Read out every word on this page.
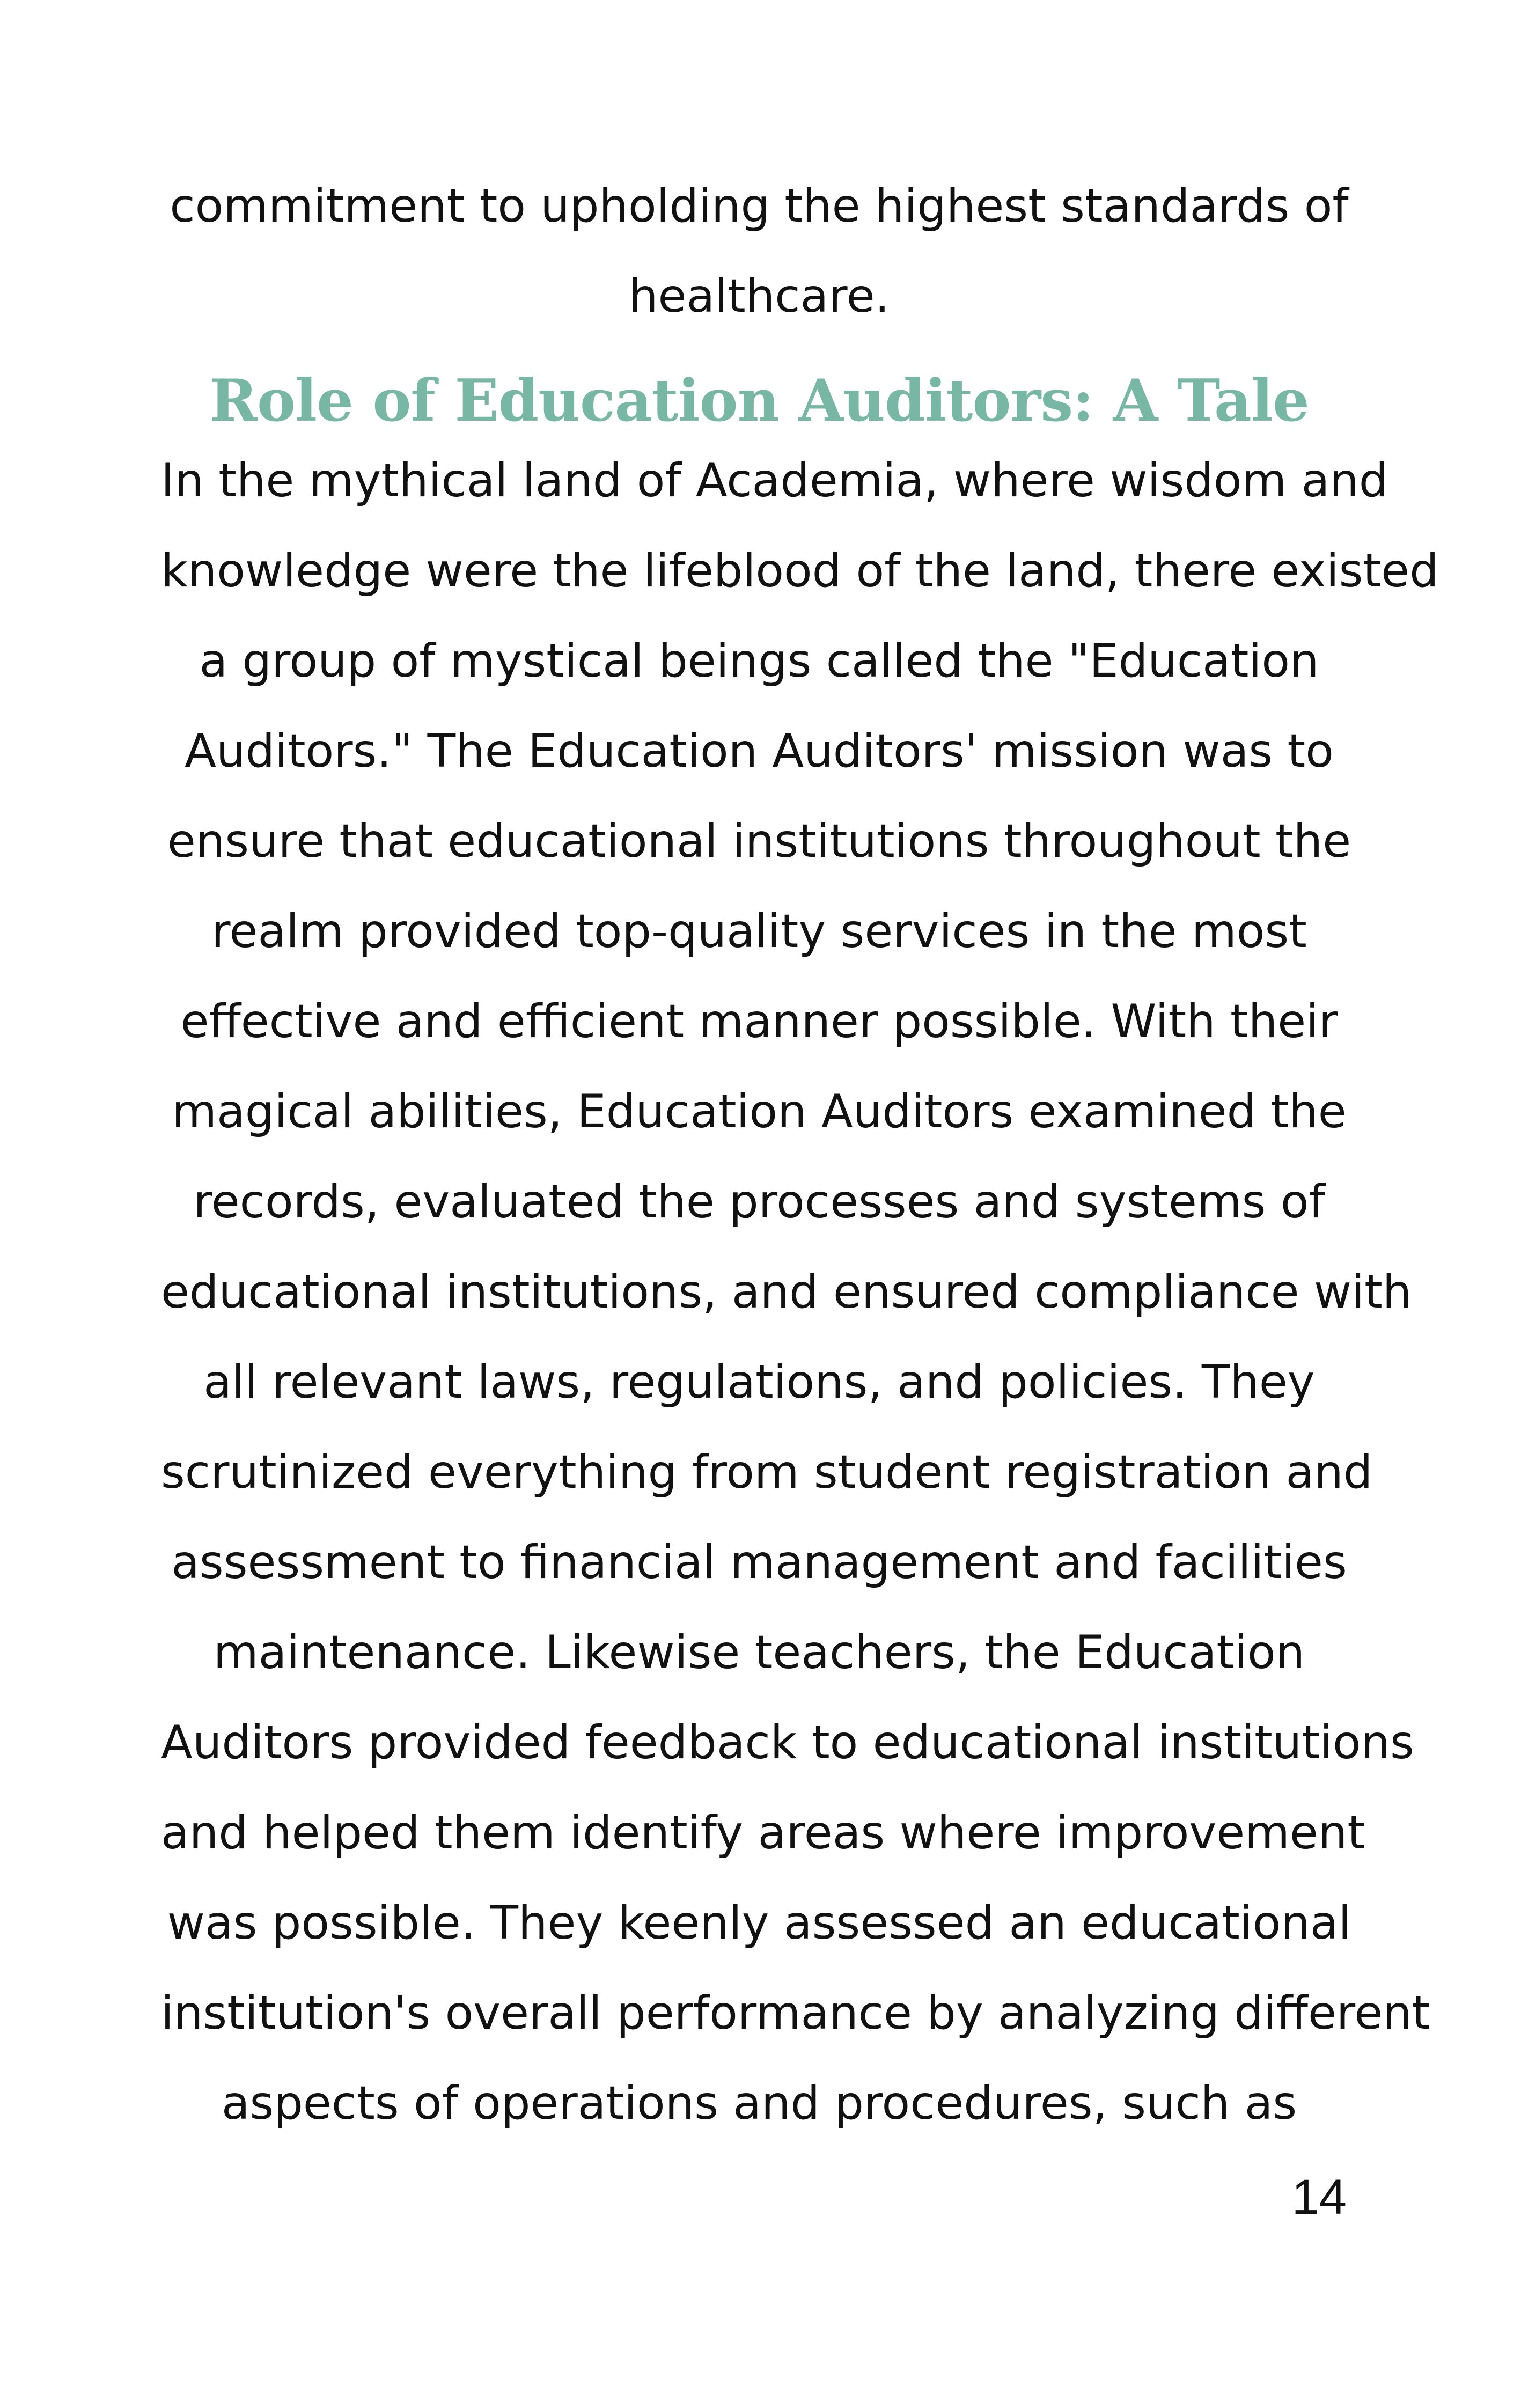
commitment to upholding the highest standards of
healthcare.
Role of Education Auditors: A Tale
In the mythical land of Academia, where wisdom and
knowledge were the lifeblood of the land, there existed
a group of mystical beings called the "Education
Auditors." The Education Auditors' mission was to
ensure that educational institutions throughout the
realm provided top-quality services in the most
effective and efficient manner possible. With their
magical abilities, Education Auditors examined the
records, evaluated the processes and systems of
educational institutions, and ensured compliance with
all relevant laws, regulations, and policies. They
scrutinized everything from student registration and
assessment to financial management and facilities
maintenance. Likewise teachers, the Education
Auditors provided feedback to educational institutions
and helped them identify areas where improvement
was possible. They keenly assessed an educational
institution's overall performance by analyzing different
aspects of operations and procedures, such as
14
